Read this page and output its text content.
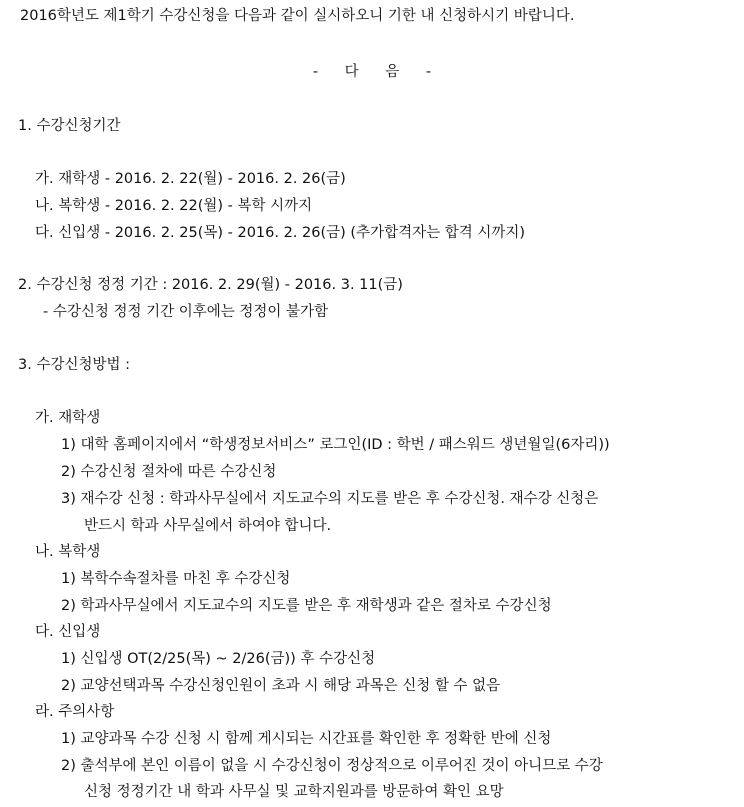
2016학년도 제1학기 수강신청을 다음과 같이 실시하오니 기한 내 신청하시기 바랍니다.
- 다 음 -
1. 수강신청기간
가. 재학생 - 2016. 2. 22(월) - 2016. 2. 26(금)
나. 복학생 - 2016. 2. 22(월) - 복학 시까지
다. 신입생 - 2016. 2. 25(목) - 2016. 2. 26(금) (추가합격자는 합격 시까지)
2. 수강신청 정정 기간 : 2016. 2. 29(월) - 2016. 3. 11(금)
- 수강신청 정정 기간 이후에는 정정이 불가함
3. 수강신청방법 :
가. 재학생
1) 대학 홈페이지에서 “학생정보서비스” 로그인(ID : 학번 / 패스워드 생년월일(6자리))
2) 수강신청 절차에 따른 수강신청
3) 재수강 신청 : 학과사무실에서 지도교수의 지도를 받은 후 수강신청. 재수강 신청은
반드시 학과 사무실에서 하여야 합니다.
나. 복학생
1) 복학수속절차를 마친 후 수강신청
2) 학과사무실에서 지도교수의 지도를 받은 후 재학생과 같은 절차로 수강신청
다. 신입생
1) 신입생 OT(2/25(목) ~ 2/26(금)) 후 수강신청
2) 교양선택과목 수강신청인원이 초과 시 해당 과목은 신청 할 수 없음
라. 주의사항
1) 교양과목 수강 신청 시 함께 게시되는 시간표를 확인한 후 정확한 반에 신청
2) 출석부에 본인 이름이 없을 시 수강신청이 정상적으로 이루어진 것이 아니므로 수강
신청 정정기간 내 학과 사무실 및 교학지원과를 방문하여 확인 요망
